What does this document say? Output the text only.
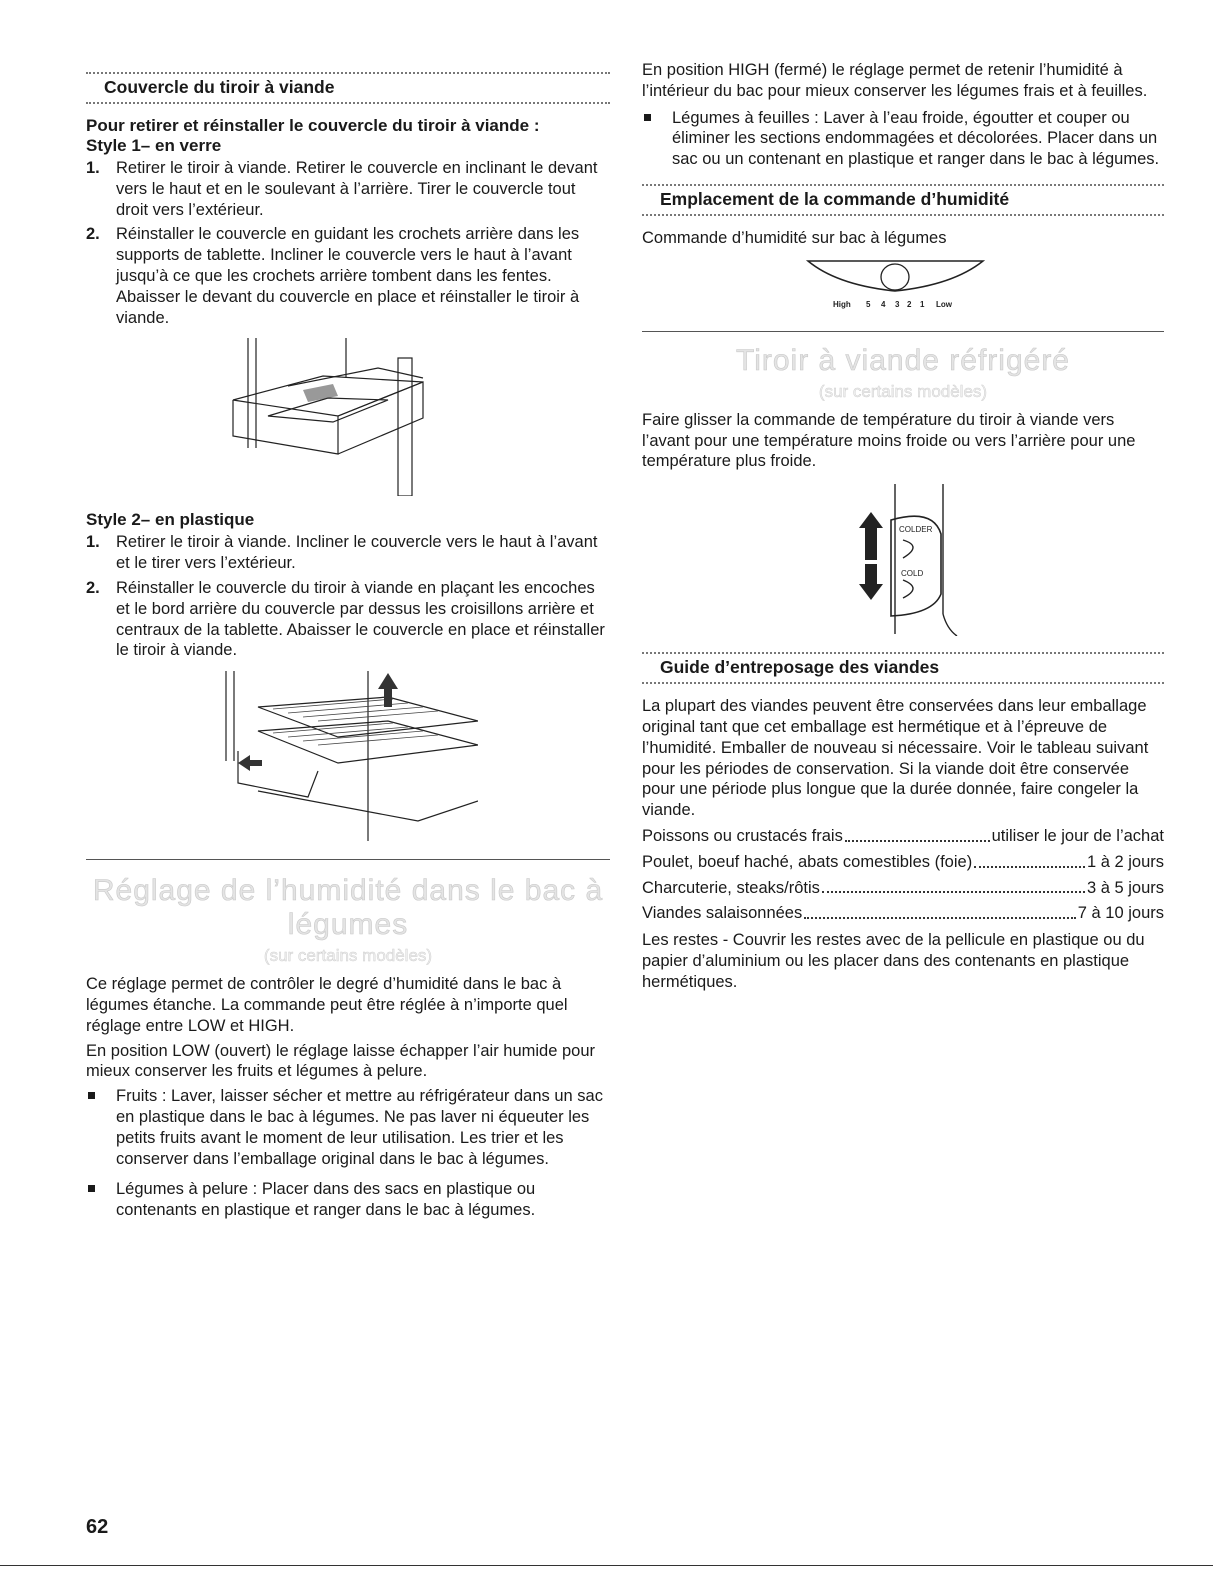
Couvercle du tiroir à viande
Pour retirer et réinstaller le couvercle du tiroir à viande :
Style 1– en verre
1. Retirer le tiroir à viande. Retirer le couvercle en inclinant le devant vers le haut et en le soulevant à l’arrière. Tirer le couvercle tout droit vers l’extérieur.
2. Réinstaller le couvercle en guidant les crochets arrière dans les supports de tablette. Incliner le couvercle vers le haut à l’avant jusqu’à ce que les crochets arrière tombent dans les fentes. Abaisser le devant du couvercle en place et réinstaller le tiroir à viande.
Style 2– en plastique
1. Retirer le tiroir à viande. Incliner le couvercle vers le haut à l’avant et le tirer vers l’extérieur.
2. Réinstaller le couvercle du tiroir à viande en plaçant les encoches et le bord arrière du couvercle par dessus les croisillons arrière et centraux de la tablette. Abaisser le couvercle en place et réinstaller le tiroir à viande.
Réglage de l’humidité dans le bac à légumes
(sur certains modèles)

Ce réglage permet de contrôler le degré d’humidité dans le bac à légumes étanche. La commande peut être réglée à n’importe quel réglage entre LOW et HIGH.

En position LOW (ouvert) le réglage laisse échapper l’air humide pour mieux conserver les fruits et légumes à pelure.

Fruits : Laver, laisser sécher et mettre au réfrigérateur dans un sac en plastique dans le bac à légumes. Ne pas laver ni équeuter les petits fruits avant le moment de leur utilisation. Les trier et les conserver dans l’emballage original dans le bac à légumes.
Légumes à pelure : Placer dans des sacs en plastique ou contenants en plastique et ranger dans le bac à légumes.

En position HIGH (fermé) le réglage permet de retenir l’humidité à l’intérieur du bac pour mieux conserver les légumes frais et à feuilles.

Légumes à feuilles : Laver à l’eau froide, égoutter et couper ou éliminer les sections endommagées et décolorées. Placer dans un sac ou un contenant en plastique et ranger dans le bac à légumes.
Emplacement de la commande d’humidité

Commande d’humidité sur bac à légumes

High 5 4 3 2 1 Low
Tiroir à viande réfrigéré
(sur certains modèles)

Faire glisser la commande de température du tiroir à viande vers l’avant pour une température moins froide ou vers l’arrière pour une température plus froide.

COLDER
COLD
Guide d’entreposage des viandes

La plupart des viandes peuvent être conservées dans leur emballage original tant que cet emballage est hermétique et à l’épreuve de l’humidité. Emballer de nouveau si nécessaire. Voir le tableau suivant pour les périodes de conservation. Si la viande doit être conservée pour une période plus longue que la durée donnée, faire congeler la viande.

Poissons ou crustacés frais	utiliser le jour de l’achat
Poulet, boeuf haché, abats comestibles (foie)	1 à 2 jours
Charcuterie, steaks/rôtis	3 à 5 jours
Viandes salaisonnées	7 à 10 jours

Les restes - Couvrir les restes avec de la pellicule en plastique ou du papier d’aluminium ou les placer dans des contenants en plastique hermétiques.

62
